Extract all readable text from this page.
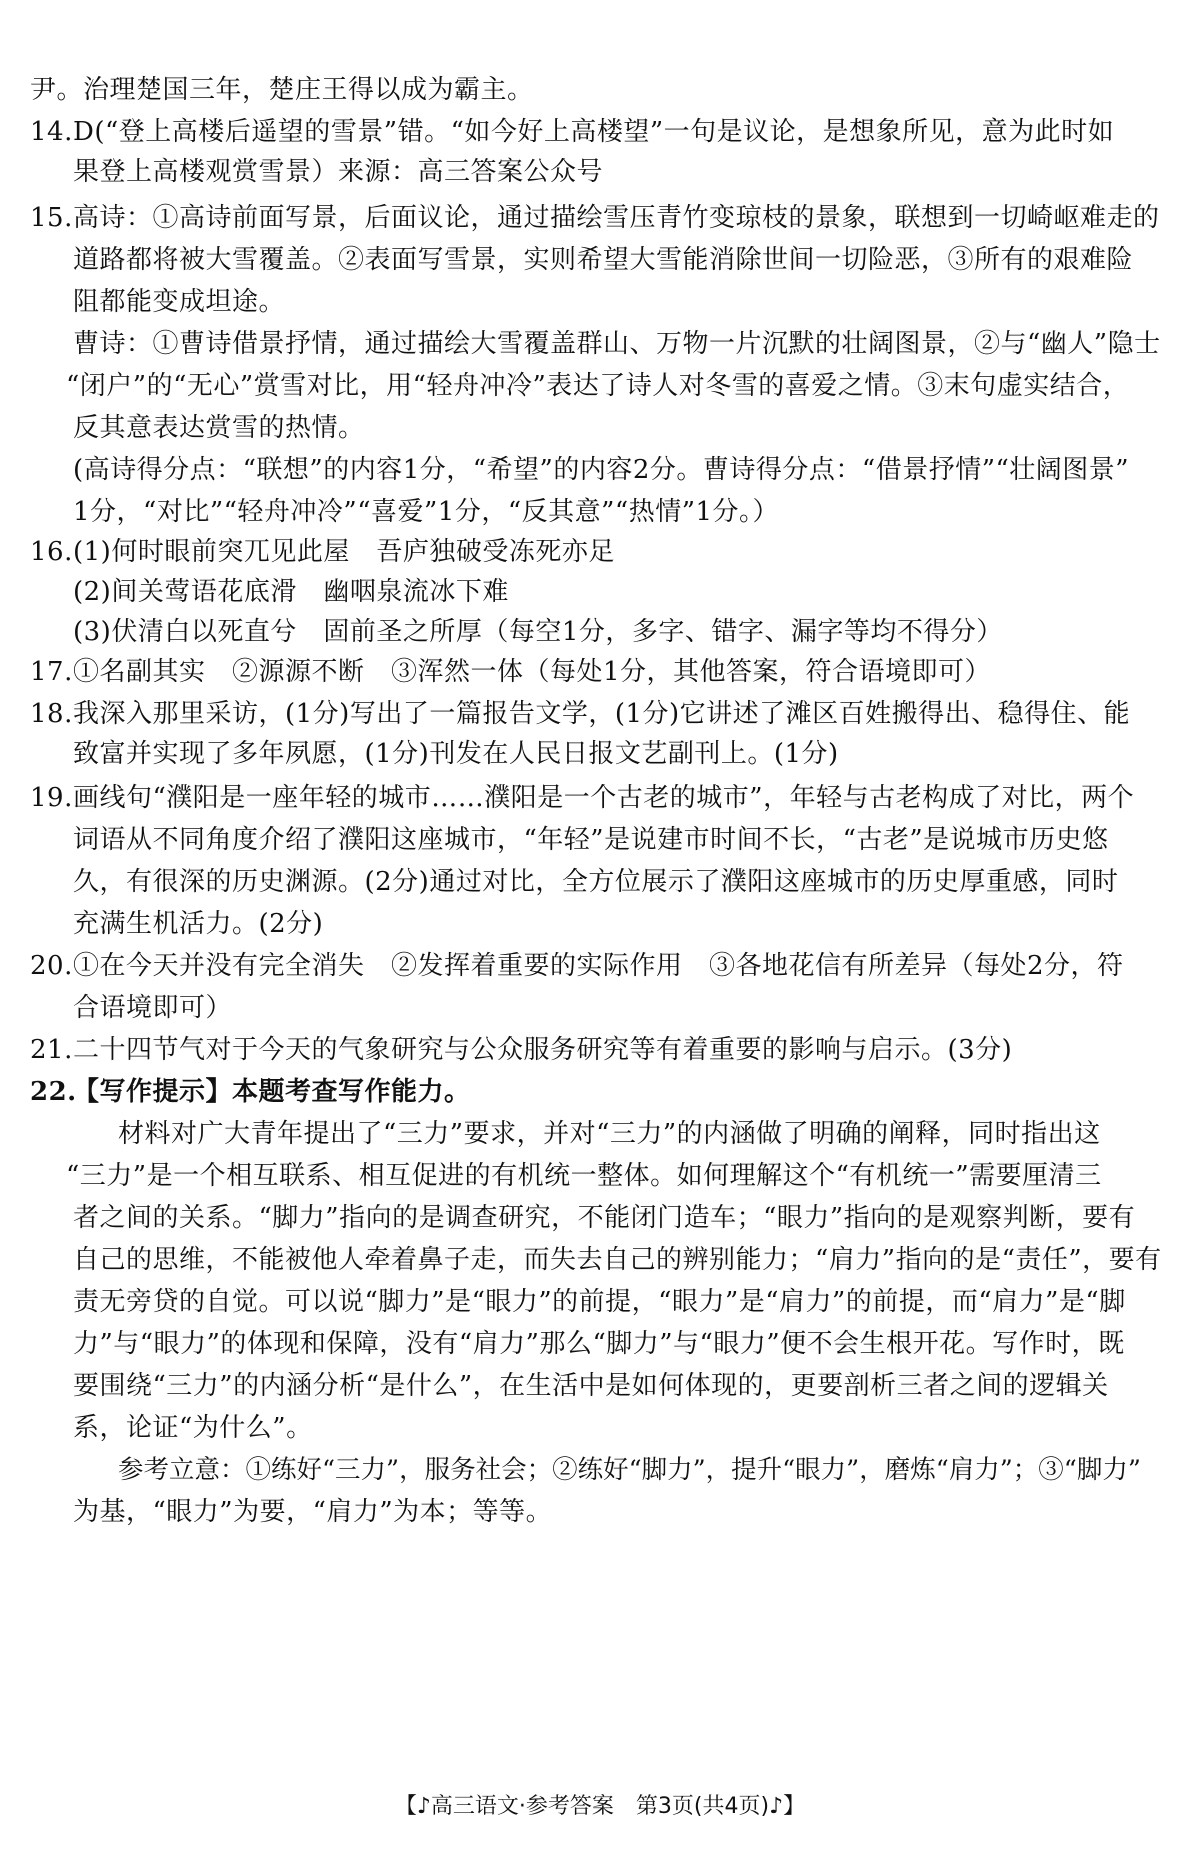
尹。治理楚国三年，楚庄王得以成为霸主。
14.D(“登上高楼后遥望的雪景”错。“如今好上高楼望”一句是议论，是想象所见，意为此时如
果登上高楼观赏雪景）来源：高三答案公众号
15.高诗：①高诗前面写景，后面议论，通过描绘雪压青竹变琼枝的景象，联想到一切崎岖难走的
道路都将被大雪覆盖。②表面写雪景，实则希望大雪能消除世间一切险恶，③所有的艰难险
阻都能变成坦途。
曹诗：①曹诗借景抒情，通过描绘大雪覆盖群山、万物一片沉默的壮阔图景，②与“幽人”隐士
“闭户”的“无心”赏雪对比，用“轻舟冲冷”表达了诗人对冬雪的喜爱之情。③末句虚实结合，
反其意表达赏雪的热情。
(高诗得分点：“联想”的内容1分，“希望”的内容2分。曹诗得分点：“借景抒情”“壮阔图景”
1分，“对比”“轻舟冲冷”“喜爱”1分，“反其意”“热情”1分。）
16.(1)何时眼前突兀见此屋　吾庐独破受冻死亦足
(2)间关莺语花底滑　幽咽泉流冰下难
(3)伏清白以死直兮　固前圣之所厚（每空1分，多字、错字、漏字等均不得分）
17.①名副其实　②源源不断　③浑然一体（每处1分，其他答案，符合语境即可）
18.我深入那里采访，(1分)写出了一篇报告文学，(1分)它讲述了滩区百姓搬得出、稳得住、能
致富并实现了多年夙愿，(1分)刊发在人民日报文艺副刊上。(1分)
19.画线句“濮阳是一座年轻的城市……濮阳是一个古老的城市”，年轻与古老构成了对比，两个
词语从不同角度介绍了濮阳这座城市，“年轻”是说建市时间不长，“古老”是说城市历史悠
久，有很深的历史渊源。(2分)通过对比，全方位展示了濮阳这座城市的历史厚重感，同时
充满生机活力。(2分)
20.①在今天并没有完全消失　②发挥着重要的实际作用　③各地花信有所差异（每处2分，符
合语境即可）
21.二十四节气对于今天的气象研究与公众服务研究等有着重要的影响与启示。(3分)
22.【写作提示】本题考查写作能力。
材料对广大青年提出了“三力”要求，并对“三力”的内涵做了明确的阐释，同时指出这
“三力”是一个相互联系、相互促进的有机统一整体。如何理解这个“有机统一”需要厘清三
者之间的关系。“脚力”指向的是调查研究，不能闭门造车；“眼力”指向的是观察判断，要有
自己的思维，不能被他人牵着鼻子走，而失去自己的辨别能力；“肩力”指向的是“责任”，要有
责无旁贷的自觉。可以说“脚力”是“眼力”的前提，“眼力”是“肩力”的前提，而“肩力”是“脚
力”与“眼力”的体现和保障，没有“肩力”那么“脚力”与“眼力”便不会生根开花。写作时，既
要围绕“三力”的内涵分析“是什么”，在生活中是如何体现的，更要剖析三者之间的逻辑关
系，论证“为什么”。
参考立意：①练好“三力”，服务社会；②练好“脚力”，提升“眼力”，磨炼“肩力”；③“脚力”
为基，“眼力”为要，“肩力”为本；等等。
【♪高三语文·参考答案　第3页(共4页)♪】
